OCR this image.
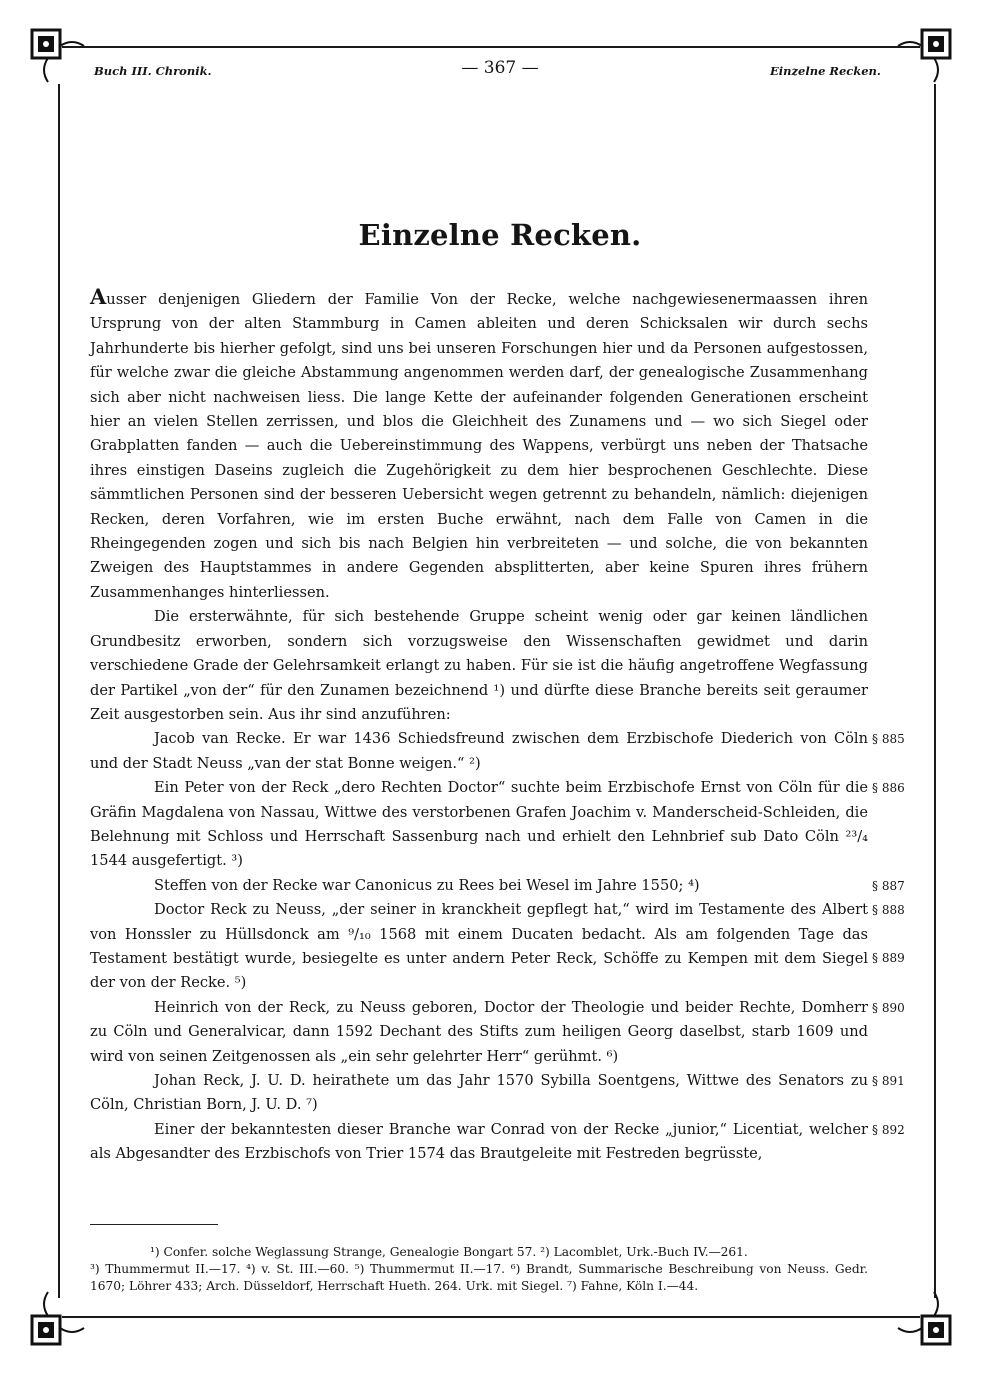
Buch III. Chronik.	— 367 —	Einzelne Recken.
Einzelne Recken.

Ausser denjenigen Gliedern der Familie Von der Recke, welche nachgewiesenermaassen ihren Ursprung von der alten Stammburg in Camen ableiten und deren Schicksalen wir durch sechs Jahrhunderte bis hierher gefolgt, sind uns bei unseren Forschungen hier und da Personen aufgestossen, für welche zwar die gleiche Abstammung angenommen werden darf, der genealogische Zusammenhang sich aber nicht nachweisen liess. Die lange Kette der aufeinander folgenden Generationen erscheint hier an vielen Stellen zerrissen, und blos die Gleichheit des Zunamens und — wo sich Siegel oder Grabplatten fanden — auch die Uebereinstimmung des Wappens, verbürgt uns neben der Thatsache ihres einstigen Daseins zugleich die Zugehörigkeit zu dem hier besprochenen Geschlechte. Diese sämmtlichen Personen sind der besseren Uebersicht wegen getrennt zu behandeln, nämlich: diejenigen Recken, deren Vorfahren, wie im ersten Buche erwähnt, nach dem Falle von Camen in die Rheingegenden zogen und sich bis nach Belgien hin verbreiteten — und solche, die von bekannten Zweigen des Hauptstammes in andere Gegenden absplitterten, aber keine Spuren ihres frühern Zusammenhanges hinterliessen.

Die ersterwähnte, für sich bestehende Gruppe scheint wenig oder gar keinen ländlichen Grundbesitz erworben, sondern sich vorzugsweise den Wissenschaften gewidmet und darin verschiedene Grade der Gelehrsamkeit erlangt zu haben. Für sie ist die häufig angetroffene Wegfassung der Partikel „von der“ für den Zunamen bezeichnend ¹) und dürfte diese Branche bereits seit geraumer Zeit ausgestorben sein. Aus ihr sind anzuführen:

Jacob van Recke. Er war 1436 Schiedsfreund zwischen dem Erzbischofe Diederich von Cöln und der Stadt Neuss „van der stat Bonne weigen.“ ²)

§ 885

Ein Peter von der Reck „dero Rechten Doctor“ suchte beim Erzbischofe Ernst von Cöln für die Gräfin Magdalena von Nassau, Wittwe des verstorbenen Grafen Joachim v. Manderscheid-Schleiden, die Belehnung mit Schloss und Herrschaft Sassenburg nach und erhielt den Lehnbrief sub Dato Cöln ²³/₄ 1544 ausgefertigt. ³)

§ 886

Steffen von der Recke war Canonicus zu Rees bei Wesel im Jahre 1550; ⁴)	§ 887

Doctor Reck zu Neuss, „der seiner in kranckheit gepflegt hat,“ wird im Testamente des Albert von Honssler zu Hüllsdonck am ⁹/₁₀ 1568 mit einem Ducaten bedacht. Als am folgenden Tage das Testament bestätigt wurde, besiegelte es unter andern Peter Reck, Schöffe zu Kempen mit dem Siegel der von der Recke. ⁵)

§ 888
§ 889

Heinrich von der Reck, zu Neuss geboren, Doctor der Theologie und beider Rechte, Domherr zu Cöln und Generalvicar, dann 1592 Dechant des Stifts zum heiligen Georg daselbst, starb 1609 und wird von seinen Zeitgenossen als „ein sehr gelehrter Herr“ gerühmt. ⁶)

§ 890

Johan Reck, J. U. D. heirathete um das Jahr 1570 Sybilla Soentgens, Wittwe des Senators zu Cöln, Christian Born, J. U. D. ⁷)

§ 891

Einer der bekanntesten dieser Branche war Conrad von der Recke „junior,“ Licentiat, welcher als Abgesandter des Erzbischofs von Trier 1574 das Brautgeleite mit Festreden begrüsste,

§ 892

¹) Confer. solche Weglassung Strange, Genealogie Bongart 57. ²) Lacomblet, Urk.-Buch IV.—261.

³) Thummermut II.—17. ⁴) v. St. III.—60. ⁵) Thummermut II.—17. ⁶) Brandt, Summarische Beschreibung von Neuss. Gedr. 1670; Löhrer 433; Arch. Düsseldorf, Herrschaft Hueth. 264. Urk. mit Siegel. ⁷) Fahne, Köln I.—44.
